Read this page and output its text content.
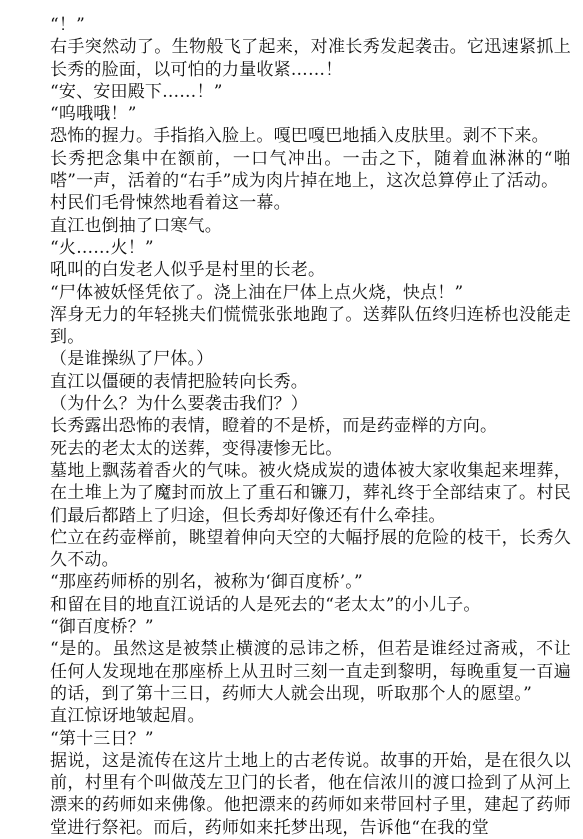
“！”

右手突然动了。生物般飞了起来，对准长秀发起袭击。它迅速紧抓上长秀的脸面，以可怕的力量收紧……！

“安、安田殿下……！”

“呜哦哦！”

恐怖的握力。手指掐入脸上。嘎巴嘎巴地插入皮肤里。剥不下来。

长秀把念集中在额前，一口气冲出。一击之下，随着血淋淋的“啪嗒”一声，活着的“右手”成为肉片掉在地上，这次总算停止了活动。

村民们毛骨悚然地看着这一幕。

直江也倒抽了口寒气。

“火……火！”

吼叫的白发老人似乎是村里的长老。

“尸体被妖怪凭依了。浇上油在尸体上点火烧，快点！”

浑身无力的年轻挑夫们慌慌张张地跑了。送葬队伍终归连桥也没能走到。

（是谁操纵了尸体。）

直江以僵硬的表情把脸转向长秀。

（为什么？为什么要袭击我们？）

长秀露出恐怖的表情，瞪着的不是桥，而是药壶榉的方向。

死去的老太太的送葬，变得凄惨无比。

墓地上飘荡着香火的气味。被火烧成炭的遗体被大家收集起来埋葬，在土堆上为了魔封而放上了重石和镰刀，葬礼终于全部结束了。村民们最后都踏上了归途，但长秀却好像还有什么牵挂。

伫立在药壶榉前，眺望着伸向天空的大幅抒展的危险的枝干，长秀久久不动。

“那座药师桥的别名，被称为‘御百度桥’。”

和留在目的地直江说话的人是死去的“老太太”的小儿子。

“御百度桥？”

“是的。虽然这是被禁止横渡的忌讳之桥，但若是谁经过斋戒，不让任何人发现地在那座桥上从丑时三刻一直走到黎明，每晚重复一百遍的话，到了第十三日，药师大人就会出现，听取那个人的愿望。”

直江惊讶地皱起眉。

“第十三日？”

据说，这是流传在这片土地上的古老传说。故事的开始，是在很久以前，村里有个叫做茂左卫门的长者，他在信浓川的渡口捡到了从河上漂来的药师如来佛像。他把漂来的药师如来带回村子里，建起了药师堂进行祭祀。而后，药师如来托梦出现，告诉他“在我的堂
